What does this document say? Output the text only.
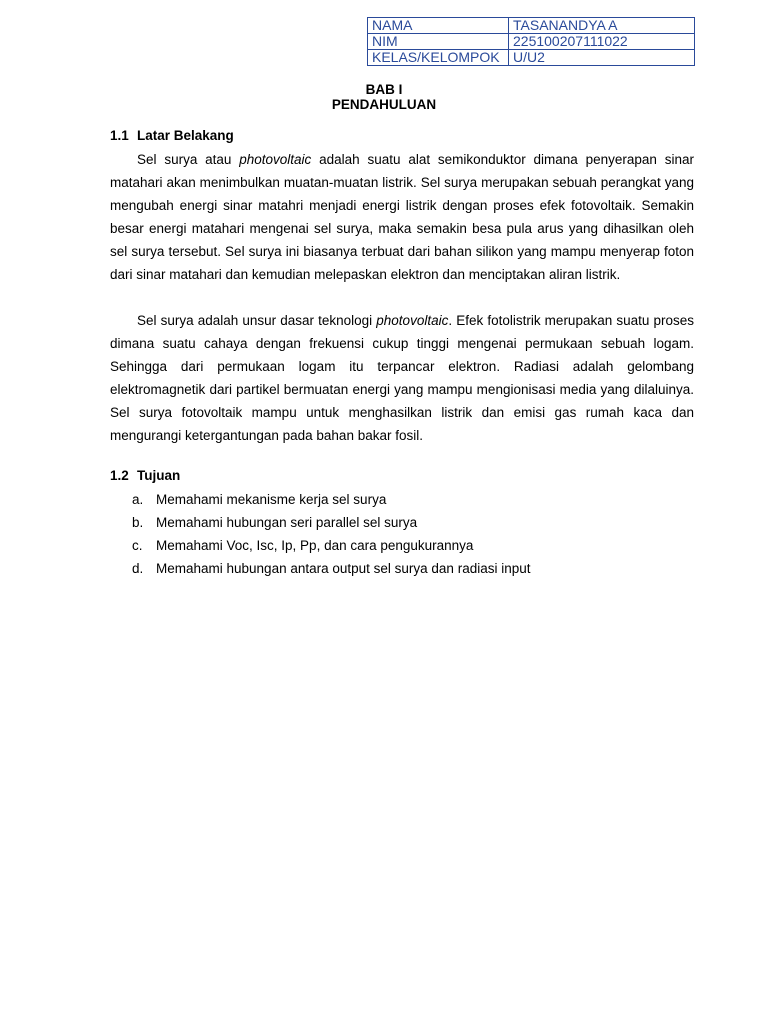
NAMA	TASANANDYA A
NIM	225100207111022
KELAS/KELOMPOK	U/U2
BAB I
PENDAHULUAN
1.1 Latar Belakang

Sel surya atau photovoltaic adalah suatu alat semikonduktor dimana penyerapan sinar matahari akan menimbulkan muatan-muatan listrik. Sel surya merupakan sebuah perangkat yang mengubah energi sinar matahri menjadi energi listrik dengan proses efek fotovoltaik. Semakin besar energi matahari mengenai sel surya, maka semakin besa pula arus yang dihasilkan oleh sel surya tersebut. Sel surya ini biasanya terbuat dari bahan silikon yang mampu menyerap foton dari sinar matahari dan kemudian melepaskan elektron dan menciptakan aliran listrik.

Sel surya adalah unsur dasar teknologi photovoltaic. Efek fotolistrik merupakan suatu proses dimana suatu cahaya dengan frekuensi cukup tinggi mengenai permukaan sebuah logam. Sehingga dari permukaan logam itu terpancar elektron. Radiasi adalah gelombang elektromagnetik dari partikel bermuatan energi yang mampu mengionisasi media yang dilaluinya. Sel surya fotovoltaik mampu untuk menghasilkan listrik dan emisi gas rumah kaca dan mengurangi ketergantungan pada bahan bakar fosil.

1.2 Tujuan
a. Memahami mekanisme kerja sel surya
b. Memahami hubungan seri parallel sel surya
c. Memahami Voc, Isc, Ip, Pp, dan cara pengukurannya
d. Memahami hubungan antara output sel surya dan radiasi input
